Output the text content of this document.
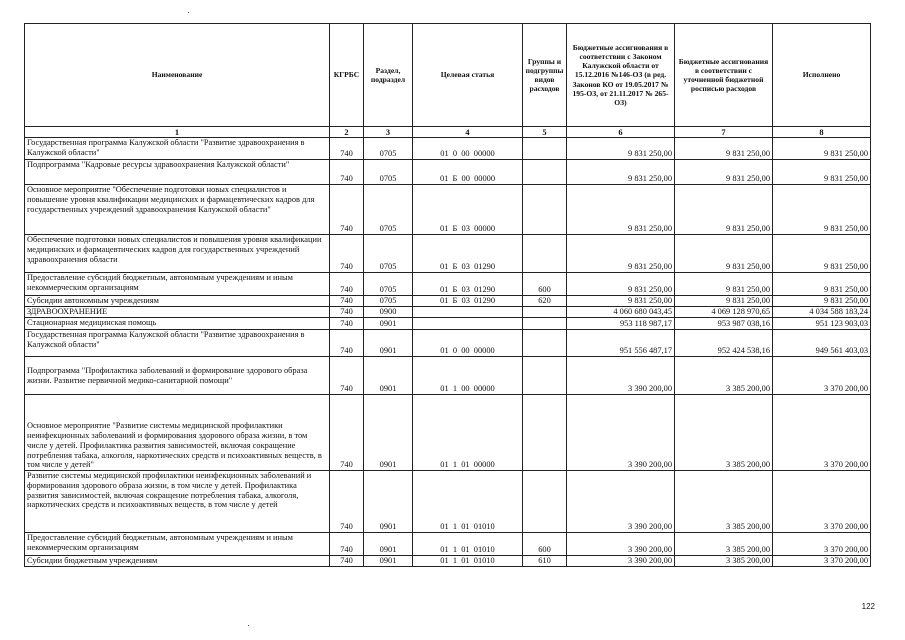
Наименование	КГРБС	Раздел, подраздел	Целевая статья	Группы и подгруппы видов расходов	Бюджетные ассигнования в соответствии с Законом Калужской области от 15.12.2016 №146-ОЗ (в ред. Законов КО от 19.05.2017 № 195-ОЗ, от 21.11.2017 № 265-ОЗ)	Бюджетные ассигнования в соответствии с уточненной бюджетной росписью расходов	Исполнено
1	2	3	4	5	6	7	8
Государственная программа Калужской области "Развитие здравоохранения в Калужской области"	740	0705	01  0  00  00000		9 831 250,00	9 831 250,00	9 831 250,00
Подпрограмма "Кадровые ресурсы здравоохранения Калужской области"	740	0705	01  Б  00  00000		9 831 250,00	9 831 250,00	9 831 250,00
Основное мероприятие "Обеспечение подготовки новых специалистов и повышение уровня квалификации медицинских и фармацевтических кадров для государственных учреждений здравоохранения Калужской области"	740	0705	01  Б  03  00000		9 831 250,00	9 831 250,00	9 831 250,00
Обеспечение подготовки новых специалистов и повышения уровня квалификации медицинских и фармацевтических кадров для государственных учреждений здравоохранения области	740	0705	01  Б  03  01290		9 831 250,00	9 831 250,00	9 831 250,00
Предоставление субсидий бюджетным, автономным учреждениям и иным некоммерческим организациям	740	0705	01  Б  03  01290	600	9 831 250,00	9 831 250,00	9 831 250,00
Субсидии автономным учреждениям	740	0705	01  Б  03  01290	620	9 831 250,00	9 831 250,00	9 831 250,00
ЗДРАВООХРАНЕНИЕ	740	0900			4 060 680 043,45	4 069 128 970,65	4 034 588 183,24
Стационарная медицинская помощь	740	0901			953 118 987,17	953 987 038,16	951 123 903,03
Государственная программа Калужской области "Развитие здравоохранения в Калужской области"	740	0901	01  0  00  00000		951 556 487,17	952 424 538,16	949 561 403,03
Подпрограмма "Профилактика заболеваний и формирование здорового образа жизни. Развитие первичной медико-санитарной помощи"	740	0901	01  1  00  00000		3 390 200,00	3 385 200,00	3 370 200,00
Основное мероприятие "Развитие системы медицинской профилактики неинфекционных заболеваний и формирования здорового образа жизни, в том числе у детей. Профилактика развития зависимостей, включая сокращение потребления табака, алкоголя, наркотических средств и психоактивных веществ, в том числе у детей"	740	0901	01  1  01  00000		3 390 200,00	3 385 200,00	3 370 200,00
Развитие системы медицинской профилактики неинфекционных заболеваний и формирования здорового образа жизни, в том числе у детей. Профилактика развития зависимостей, включая сокращение потребления табака, алкоголя, наркотических средств и психоактивных веществ, в том числе у детей	740	0901	01  1  01  01010		3 390 200,00	3 385 200,00	3 370 200,00
Предоставление субсидий бюджетным, автономным учреждениям и иным некоммерческим организациям	740	0901	01  1  01  01010	600	3 390 200,00	3 385 200,00	3 370 200,00
Субсидии бюджетным учреждениям	740	0901	01  1  01  01010	610	3 390 200,00	3 385 200,00	3 370 200,00
122
